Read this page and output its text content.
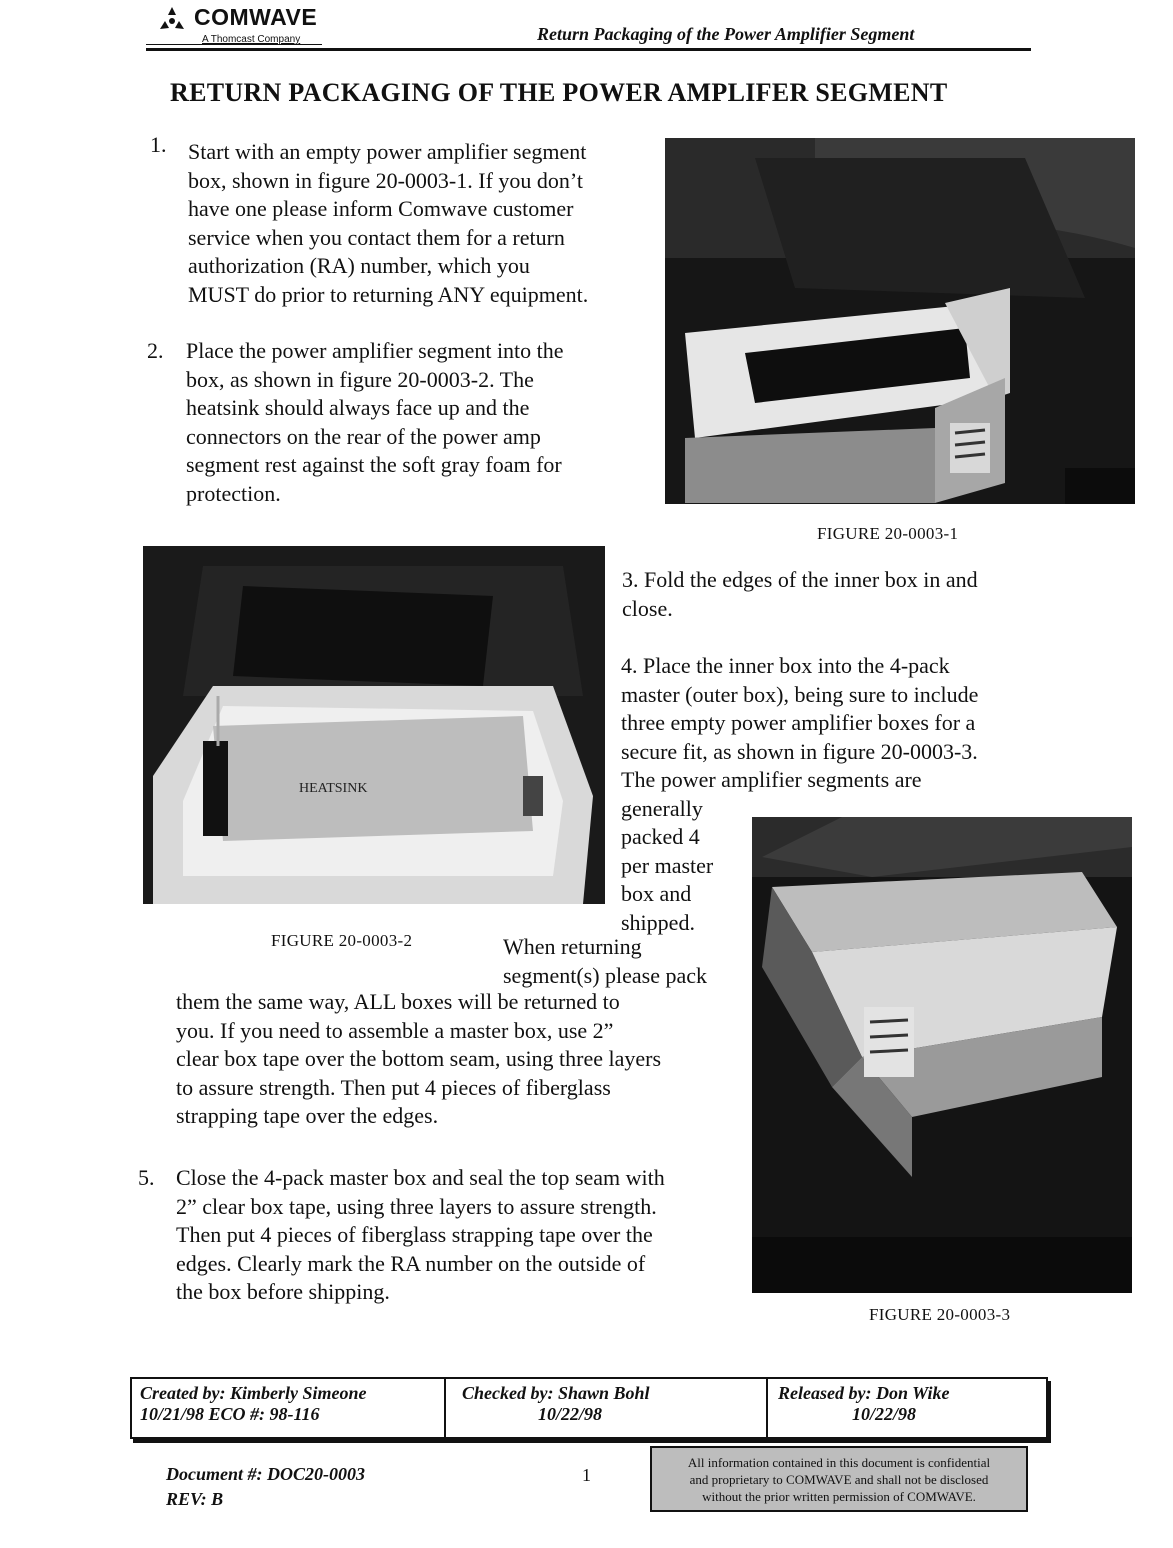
COMWAVE
A Thomcast Company	Return Packaging of the Power Amplifier Segment
RETURN PACKAGING OF THE POWER AMPLIFER SEGMENT
1. Start with an empty power amplifier segment
box, shown in figure 20-0003-1. If you don’t
have one please inform Comwave customer
service when you contact them for a return
authorization (RA) number, which you
MUST do prior to returning ANY equipment.
2. Place the power amplifier segment into the
box, as shown in figure 20-0003-2. The
heatsink should always face up and the
connectors on the rear of the power amp
segment rest against the soft gray foam for
protection.
FIGURE 20-0003-1
HEATSINK
FIGURE 20-0003-2
3. Fold the edges of the inner box in and
close.
4. Place the inner box into the 4-pack
master (outer box), being sure to include
three empty power amplifier boxes for a
secure fit, as shown in figure 20-0003-3.
The power amplifier segments are
generally
packed 4
per master
box and
shipped.
When returning
segment(s) please pack
them the same way, ALL boxes will be returned to
you. If you need to assemble a master box, use 2”
clear box tape over the bottom seam, using three layers
to assure strength. Then put 4 pieces of fiberglass
strapping tape over the edges.
FIGURE 20-0003-3
5. Close the 4-pack master box and seal the top seam with
2” clear box tape, using three layers to assure strength.
Then put 4 pieces of fiberglass strapping tape over the
edges. Clearly mark the RA number on the outside of
the box before shipping.
Created by: Kimberly Simeone
10/21/98 ECO #: 98-116
Checked by: Shawn Bohl
10/22/98
Released by: Don Wike
10/22/98
Document #: DOC20-0003
REV: B
1
All information contained in this document is confidential
and proprietary to COMWAVE and shall not be disclosed
without the prior written permission of COMWAVE.
